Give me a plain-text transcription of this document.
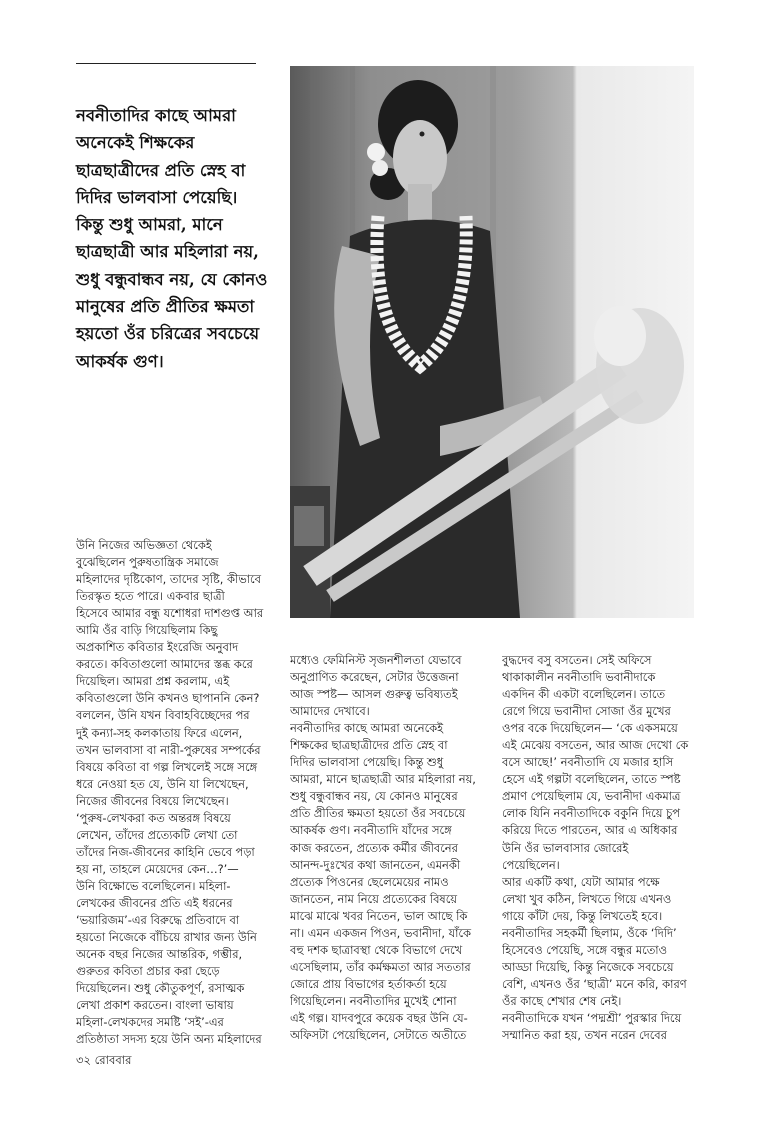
নবনীতাদির কাছে আমরা
অনেকেই শিক্ষকের
ছাত্রছাত্রীদের প্রতি স্নেহ বা
দিদির ভালবাসা পেয়েছি।
কিন্তু শুধু আমরা, মানে
ছাত্রছাত্রী আর মহিলারা নয়,
শুধু বন্ধুবান্ধব নয়, যে কোনও
মানুষের প্রতি প্রীতির ক্ষমতা
হয়তো ওঁর চরিত্রের সবচেয়ে
আকর্ষক গুণ।
উনি নিজের অভিজ্ঞতা থেকেই
বুঝেছিলেন পুরুষতান্ত্রিক সমাজে
মহিলাদের দৃষ্টিকোণ, তাদের সৃষ্টি, কীভাবে
তিরস্কৃত হতে পারে। একবার ছাত্রী
হিসেবে আমার বন্ধু যশোধরা দাশগুপ্ত আর
আমি ওঁর বাড়ি গিয়েছিলাম কিছু
অপ্রকাশিত কবিতার ইংরেজি অনুবাদ
করতে। কবিতাগুলো আমাদের স্তব্ধ করে
দিয়েছিল। আমরা প্রশ্ন করলাম, এই
কবিতাগুলো উনি কখনও ছাপাননি কেন?
বললেন, উনি যখন বিবাহবিচ্ছেদের পর
দুই কন্যা-সহ কলকাতায় ফিরে এলেন,
তখন ভালবাসা বা নারী-পুরুষের সম্পর্কের
বিষয়ে কবিতা বা গল্প লিখলেই সঙ্গে সঙ্গে
ধরে নেওয়া হত যে, উনি যা লিখেছেন,
নিজের জীবনের বিষয়ে লিখেছেন।
‘পুরুষ-লেখকরা কত অন্তরঙ্গ বিষয়ে
লেখেন, তাঁদের প্রত্যেকটি লেখা তো
তাঁদের নিজ-জীবনের কাহিনি ভেবে পড়া
হয় না, তাহলে মেয়েদের কেন…?’—
উনি বিক্ষোভে বলেছিলেন। মহিলা-
লেখকের জীবনের প্রতি এই ধরনের
‘ভয়ারিজম’-এর বিরুদ্ধে প্রতিবাদে বা
হয়তো নিজেকে বাঁচিয়ে রাখার জন্য উনি
অনেক বছর নিজের আন্তরিক, গম্ভীর,
গুরুতর কবিতা প্রচার করা ছেড়ে
দিয়েছিলেন। শুধু কৌতুকপূর্ণ, রসাত্মক
লেখা প্রকাশ করতেন। বাংলা ভাষায়
মহিলা-লেখকদের সমষ্টি ‘সই’-এর
প্রতিষ্ঠাতা সদস্য হয়ে উনি অন্য মহিলাদের
মধ্যেও ফেমিনিস্ট সৃজনশীলতা যেভাবে
অনুপ্রাণিত করেছেন, সেটার উত্তেজনা
আজ স্পষ্ট— আসল গুরুত্ব ভবিষ্যতই
আমাদের দেখাবে।
নবনীতাদির কাছে আমরা অনেকেই
শিক্ষকের ছাত্রছাত্রীদের প্রতি স্নেহ বা
দিদির ভালবাসা পেয়েছি। কিন্তু শুধু
আমরা, মানে ছাত্রছাত্রী আর মহিলারা নয়,
শুধু বন্ধুবান্ধব নয়, যে কোনও মানুষের
প্রতি প্রীতির ক্ষমতা হয়তো ওঁর সবচেয়ে
আকর্ষক গুণ। নবনীতাদি যাঁদের সঙ্গে
কাজ করতেন, প্রত্যেক কর্মীর জীবনের
আনন্দ-দুঃখের কথা জানতেন, এমনকী
প্রত্যেক পিওনের ছেলেমেয়ের নামও
জানতেন, নাম নিয়ে প্রত্যেকের বিষয়ে
মাঝে মাঝে খবর নিতেন, ভাল আছে কি
না। এমন একজন পিওন, ভবানীদা, যাঁকে
বহু দশক ছাত্রাবস্থা থেকে বিভাগে দেখে
এসেছিলাম, তাঁর কর্মক্ষমতা আর সততার
জোরে প্রায় বিভাগের হর্তাকর্তা হয়ে
গিয়েছিলেন। নবনীতাদির মুখেই শোনা
এই গল্প। যাদবপুরে কয়েক বছর উনি যে-
অফিসটা পেয়েছিলেন, সেটাতে অতীতে
বুদ্ধদেব বসু বসতেন। সেই অফিসে
থাকাকালীন নবনীতাদি ভবানীদাকে
একদিন কী একটা বলেছিলেন। তাতে
রেগে গিয়ে ভবানীদা সোজা ওঁর মুখের
ওপর বকে দিয়েছিলেন— ‘কে একসময়ে
এই মেঝেয় বসতেন, আর আজ দেখো কে
বসে আছে!’ নবনীতাদি যে মজার হাসি
হেসে এই গল্পটা বলেছিলেন, তাতে স্পষ্ট
প্রমাণ পেয়েছিলাম যে, ভবানীদা একমাত্র
লোক যিনি নবনীতাদিকে বকুনি দিয়ে চুপ
করিয়ে দিতে পারতেন, আর এ অধিকার
উনি ওঁর ভালবাসার জোরেই
পেয়েছিলেন।
আর একটি কথা, যেটা আমার পক্ষে
লেখা খুব কঠিন, লিখতে গিয়ে এখনও
গায়ে কাঁটা দেয়, কিন্তু লিখতেই হবে।
নবনীতাদির সহকর্মী ছিলাম, ওঁকে ‘দিদি’
হিসেবেও পেয়েছি, সঙ্গে বন্ধুর মতোও
আড্ডা দিয়েছি, কিন্তু নিজেকে সবচেয়ে
বেশি, এখনও ওঁর ‘ছাত্রী’ মনে করি, কারণ
ওঁর কাছে শেখার শেষ নেই।
নবনীতাদিকে যখন ‘পদ্মশ্রী’ পুরস্কার দিয়ে
সম্মানিত করা হয়, তখন নরেন দেবের
৩২ রোববার
